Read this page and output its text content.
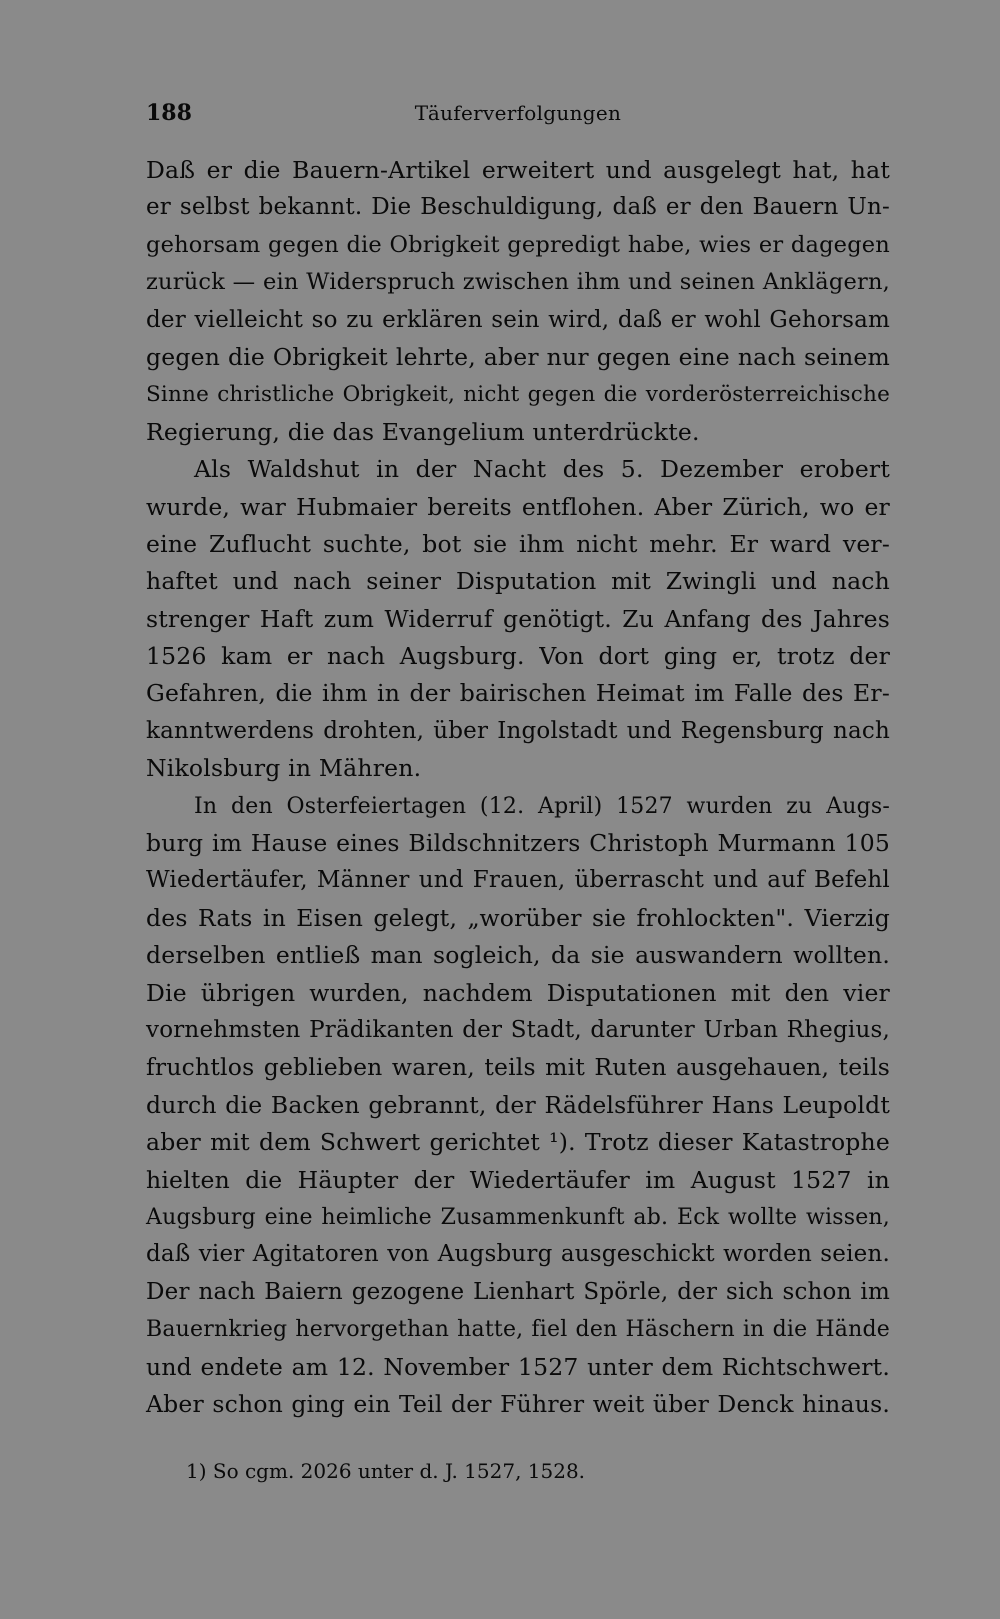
188	Täuferverfolgungen
Daß er die Bauern-Artikel erweitert und ausgelegt hat, hat
er selbst bekannt. Die Beschuldigung, daß er den Bauern Un-
gehorsam gegen die Obrigkeit gepredigt habe, wies er dagegen
zurück — ein Widerspruch zwischen ihm und seinen Anklägern,
der vielleicht so zu erklären sein wird, daß er wohl Gehorsam
gegen die Obrigkeit lehrte, aber nur gegen eine nach seinem
Sinne christliche Obrigkeit, nicht gegen die vorderösterreichische
Regierung, die das Evangelium unterdrückte.
Als Waldshut in der Nacht des 5. Dezember erobert
wurde, war Hubmaier bereits entflohen. Aber Zürich, wo er
eine Zuflucht suchte, bot sie ihm nicht mehr. Er ward ver-
haftet und nach seiner Disputation mit Zwingli und nach
strenger Haft zum Widerruf genötigt. Zu Anfang des Jahres
1526 kam er nach Augsburg. Von dort ging er, trotz der
Gefahren, die ihm in der bairischen Heimat im Falle des Er-
kanntwerdens drohten, über Ingolstadt und Regensburg nach
Nikolsburg in Mähren.
In den Osterfeiertagen (12. April) 1527 wurden zu Augs-
burg im Hause eines Bildschnitzers Christoph Murmann 105
Wiedertäufer, Männer und Frauen, überrascht und auf Befehl
des Rats in Eisen gelegt, „worüber sie frohlockten". Vierzig
derselben entließ man sogleich, da sie auswandern wollten.
Die übrigen wurden, nachdem Disputationen mit den vier
vornehmsten Prädikanten der Stadt, darunter Urban Rhegius,
fruchtlos geblieben waren, teils mit Ruten ausgehauen, teils
durch die Backen gebrannt, der Rädelsführer Hans Leupoldt
aber mit dem Schwert gerichtet ¹). Trotz dieser Katastrophe
hielten die Häupter der Wiedertäufer im August 1527 in
Augsburg eine heimliche Zusammenkunft ab. Eck wollte wissen,
daß vier Agitatoren von Augsburg ausgeschickt worden seien.
Der nach Baiern gezogene Lienhart Spörle, der sich schon im
Bauernkrieg hervorgethan hatte, fiel den Häschern in die Hände
und endete am 12. November 1527 unter dem Richtschwert.
Aber schon ging ein Teil der Führer weit über Denck hinaus.
1) So cgm. 2026 unter d. J. 1527, 1528.
